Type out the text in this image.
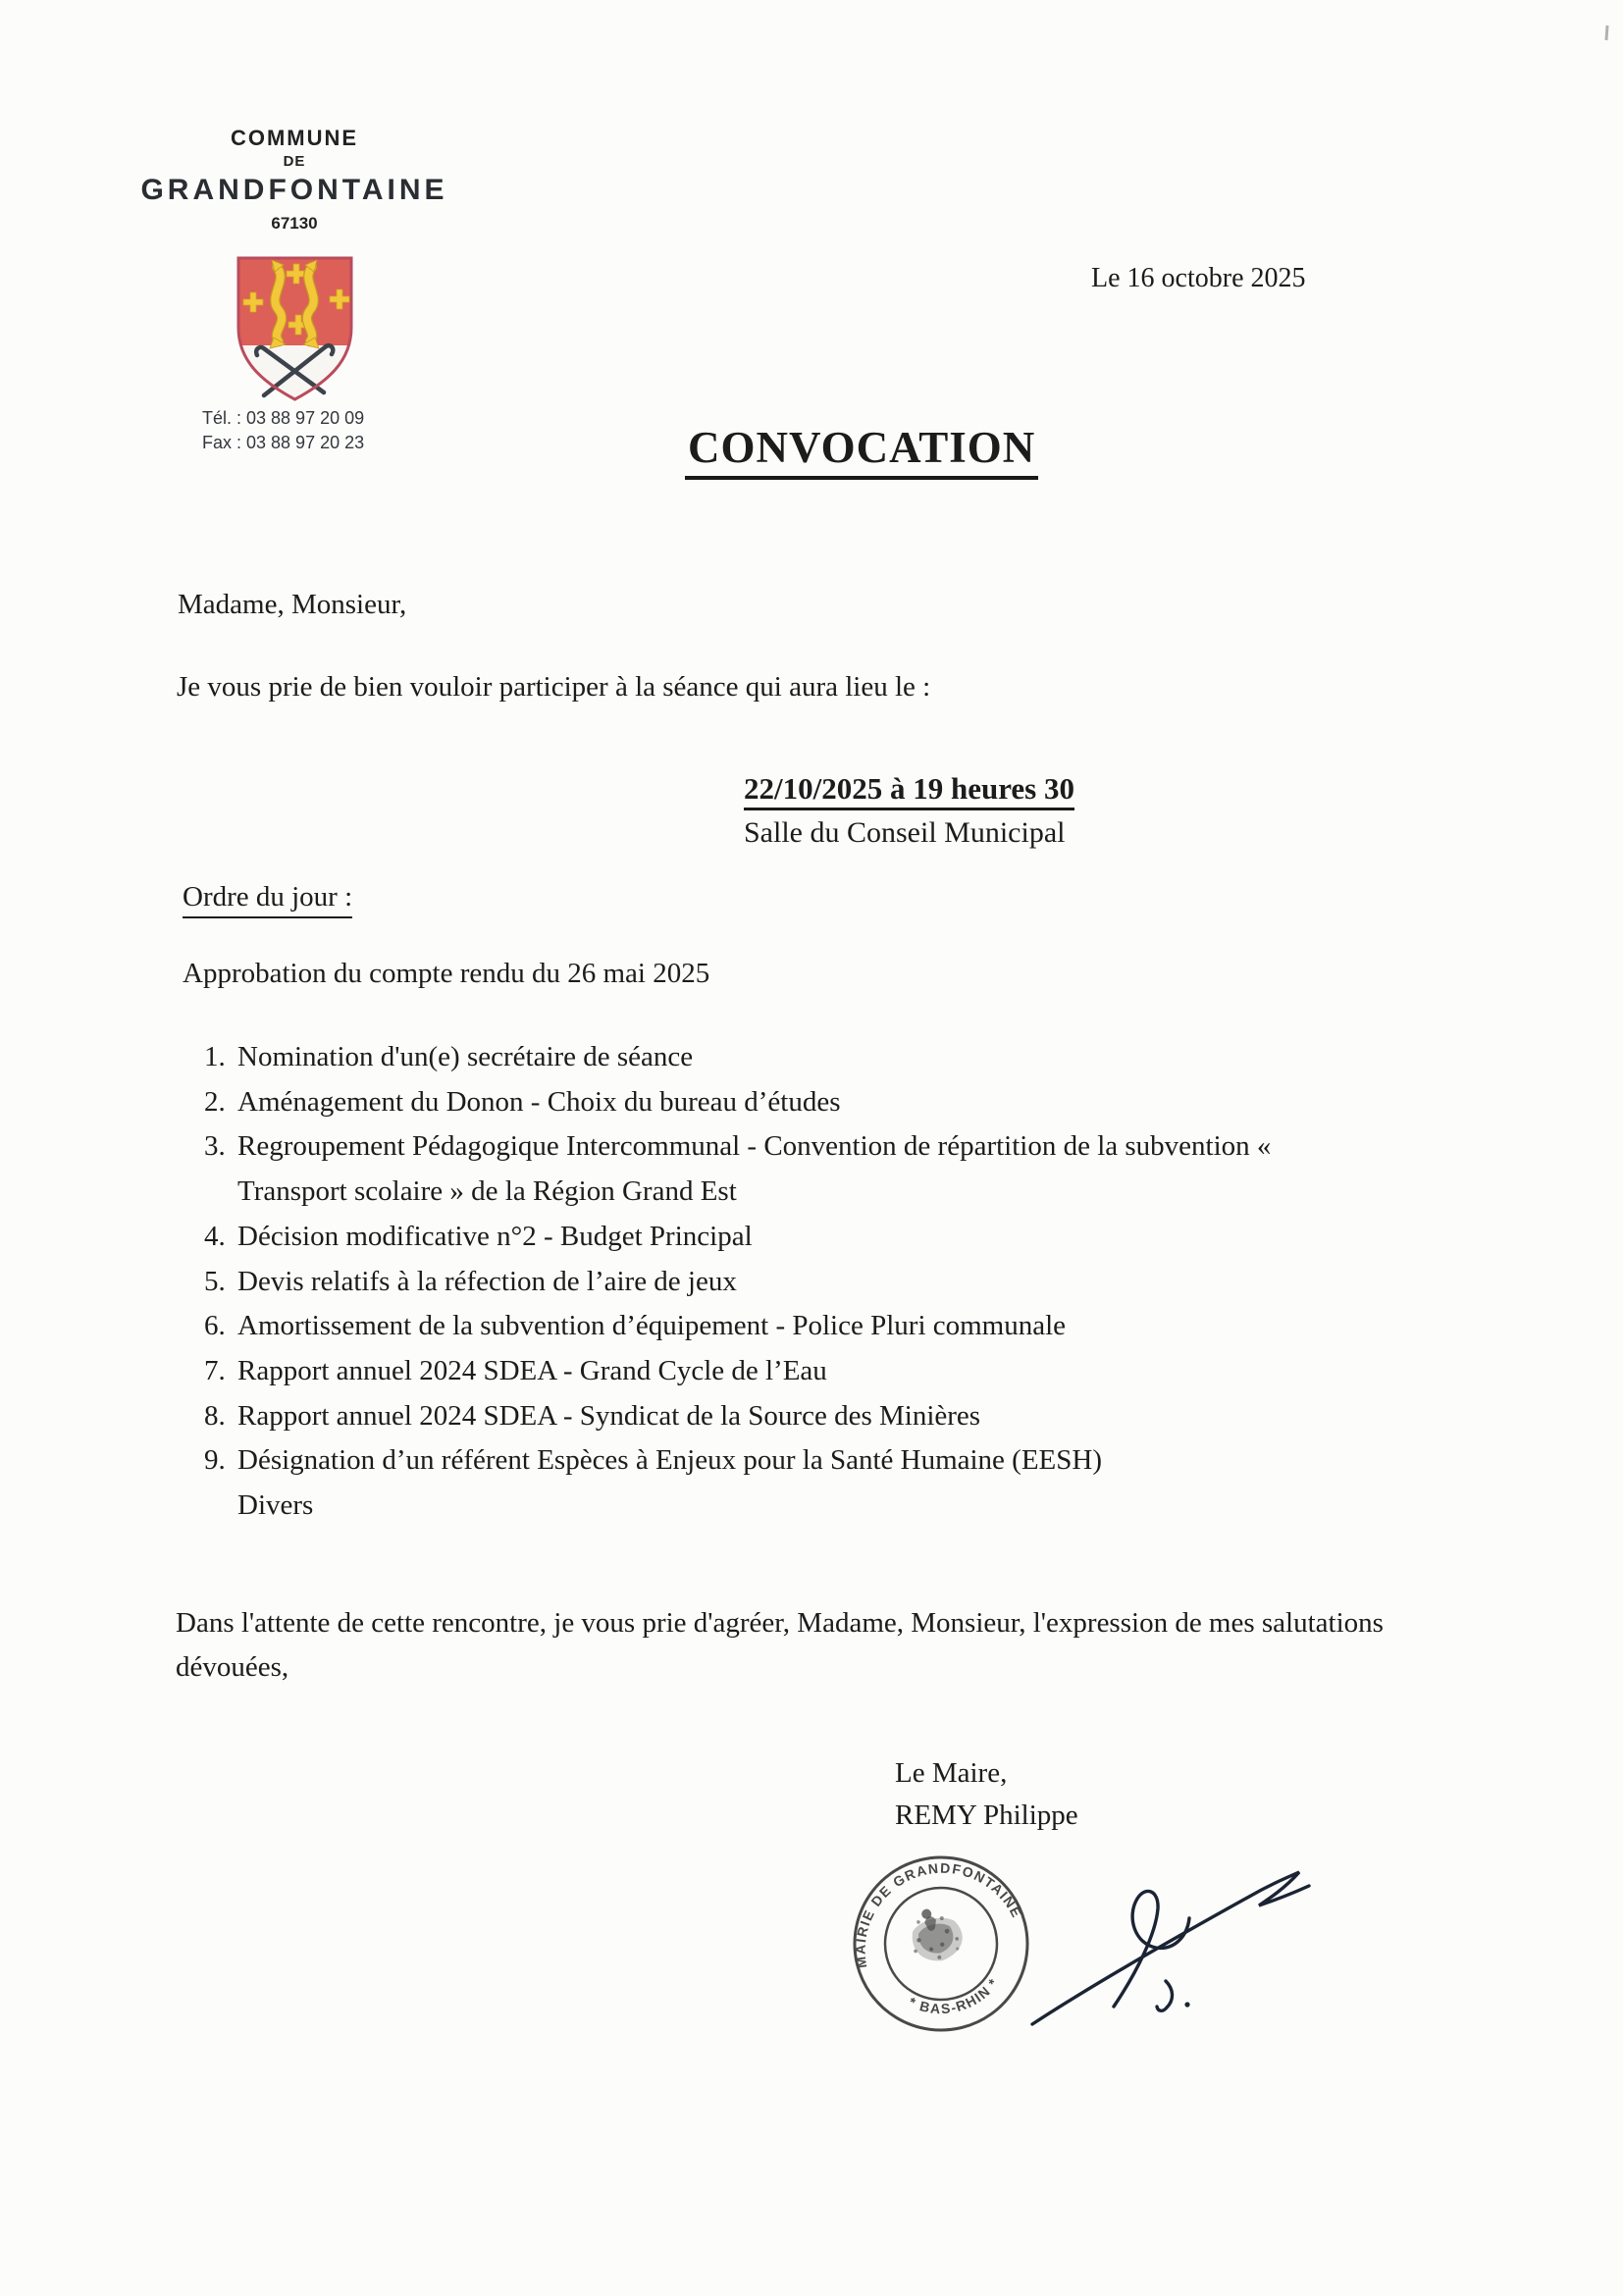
COMMUNE
DE
GRANDFONTAINE
67130
Tél. : 03 88 97 20 09
Fax : 03 88 97 20 23
Le 16 octobre 2025
CONVOCATION
Madame, Monsieur,
Je vous prie de bien vouloir participer à la séance qui aura lieu le :
22/10/2025 à 19 heures 30
Salle du Conseil Municipal
Ordre du jour :
Approbation du compte rendu du 26 mai 2025
1. Nomination d'un(e) secrétaire de séance
2. Aménagement du Donon - Choix du bureau d’études
3. Regroupement Pédagogique Intercommunal - Convention de répartition de la subvention « Transport scolaire » de la Région Grand Est
4. Décision modificative n°2 - Budget Principal
5. Devis relatifs à la réfection de l’aire de jeux
6. Amortissement de la subvention d’équipement - Police Pluri communale
7. Rapport annuel 2024 SDEA - Grand Cycle de l’Eau
8. Rapport annuel 2024 SDEA - Syndicat de la Source des Minières
9. Désignation d’un référent Espèces à Enjeux pour la Santé Humaine (EESH)
Divers
Dans l'attente de cette rencontre, je vous prie d'agréer, Madame, Monsieur, l'expression de mes salutations dévouées,
Le Maire,
REMY Philippe
MAIRIE DE GRANDFONTAINE
* BAS-RHIN *
